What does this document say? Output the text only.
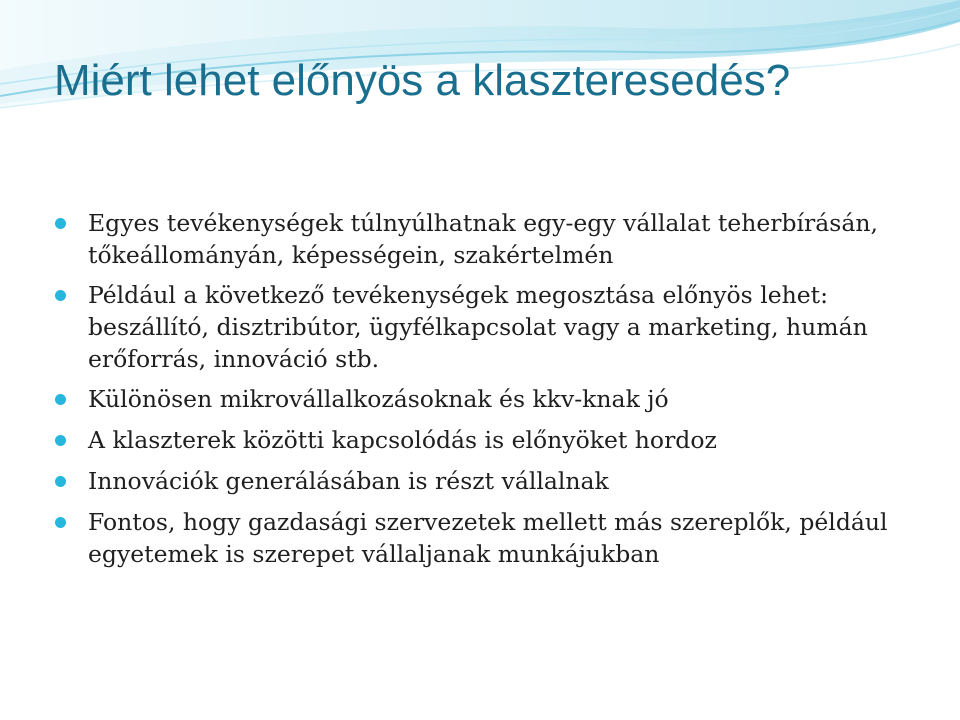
Miért lehet előnyös a klaszteresedés?
Egyes tevékenységek túlnyúlhatnak egy-egy vállalat teherbírásán, tőkeállományán, képességein, szakértelmén
Például a következő tevékenységek megosztása előnyös lehet: beszállító, disztribútor, ügyfélkapcsolat vagy a marketing, humán erőforrás, innováció stb.
Különösen mikrovállalkozásoknak és kkv-knak jó
A klaszterek közötti kapcsolódás is előnyöket hordoz
Innovációk generálásában is részt vállalnak
Fontos, hogy gazdasági szervezetek mellett más szereplők, például egyetemek is szerepet vállaljanak munkájukban
